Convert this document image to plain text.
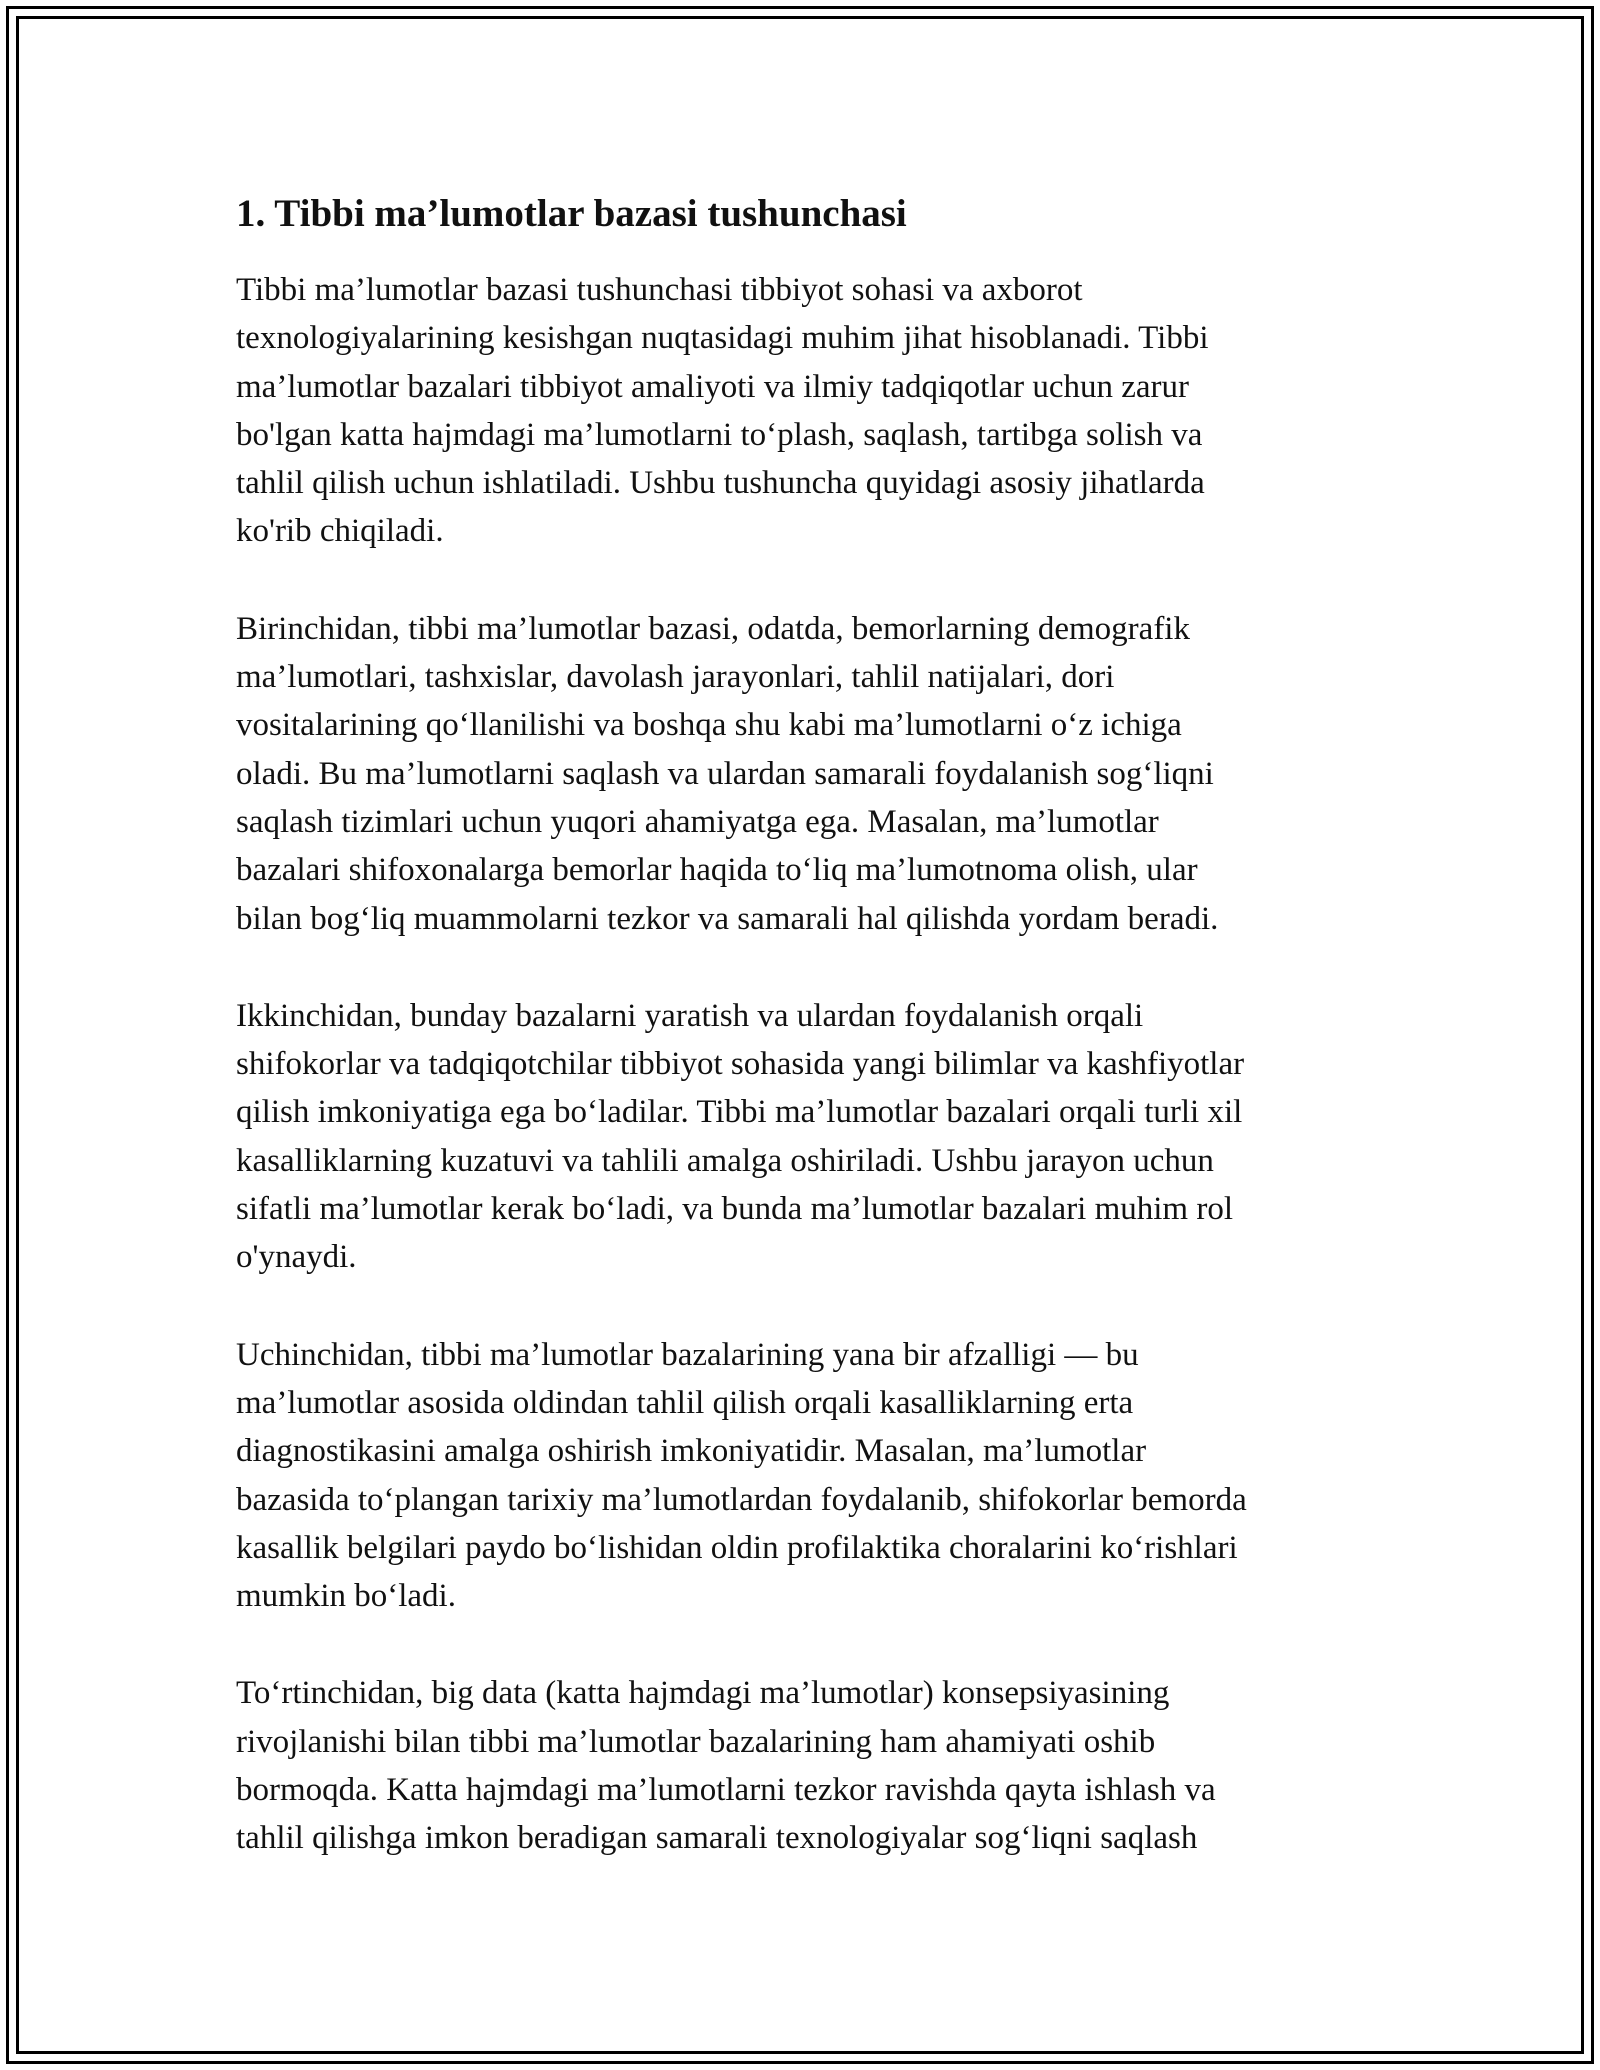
1. Tibbi ma’lumotlar bazasi tushunchasi

Tibbi ma’lumotlar bazasi tushunchasi tibbiyot sohasi va axborot
texnologiyalarining kesishgan nuqtasidagi muhim jihat hisoblanadi. Tibbi
ma’lumotlar bazalari tibbiyot amaliyoti va ilmiy tadqiqotlar uchun zarur
bo'lgan katta hajmdagi ma’lumotlarni to‘plash, saqlash, tartibga solish va
tahlil qilish uchun ishlatiladi. Ushbu tushuncha quyidagi asosiy jihatlarda
ko'rib chiqiladi.

Birinchidan, tibbi ma’lumotlar bazasi, odatda, bemorlarning demografik
ma’lumotlari, tashxislar, davolash jarayonlari, tahlil natijalari, dori
vositalarining qo‘llanilishi va boshqa shu kabi ma’lumotlarni o‘z ichiga
oladi. Bu ma’lumotlarni saqlash va ulardan samarali foydalanish sog‘liqni
saqlash tizimlari uchun yuqori ahamiyatga ega. Masalan, ma’lumotlar
bazalari shifoxonalarga bemorlar haqida to‘liq ma’lumotnoma olish, ular
bilan bog‘liq muammolarni tezkor va samarali hal qilishda yordam beradi.

Ikkinchidan, bunday bazalarni yaratish va ulardan foydalanish orqali
shifokorlar va tadqiqotchilar tibbiyot sohasida yangi bilimlar va kashfiyotlar
qilish imkoniyatiga ega bo‘ladilar. Tibbi ma’lumotlar bazalari orqali turli xil
kasalliklarning kuzatuvi va tahlili amalga oshiriladi. Ushbu jarayon uchun
sifatli ma’lumotlar kerak bo‘ladi, va bunda ma’lumotlar bazalari muhim rol
o'ynaydi.

Uchinchidan, tibbi ma’lumotlar bazalarining yana bir afzalligi — bu
ma’lumotlar asosida oldindan tahlil qilish orqali kasalliklarning erta
diagnostikasini amalga oshirish imkoniyatidir. Masalan, ma’lumotlar
bazasida to‘plangan tarixiy ma’lumotlardan foydalanib, shifokorlar bemorda
kasallik belgilari paydo bo‘lishidan oldin profilaktika choralarini ko‘rishlari
mumkin bo‘ladi.

To‘rtinchidan, big data (katta hajmdagi ma’lumotlar) konsepsiyasining
rivojlanishi bilan tibbi ma’lumotlar bazalarining ham ahamiyati oshib
bormoqda. Katta hajmdagi ma’lumotlarni tezkor ravishda qayta ishlash va
tahlil qilishga imkon beradigan samarali texnologiyalar sog‘liqni saqlash
